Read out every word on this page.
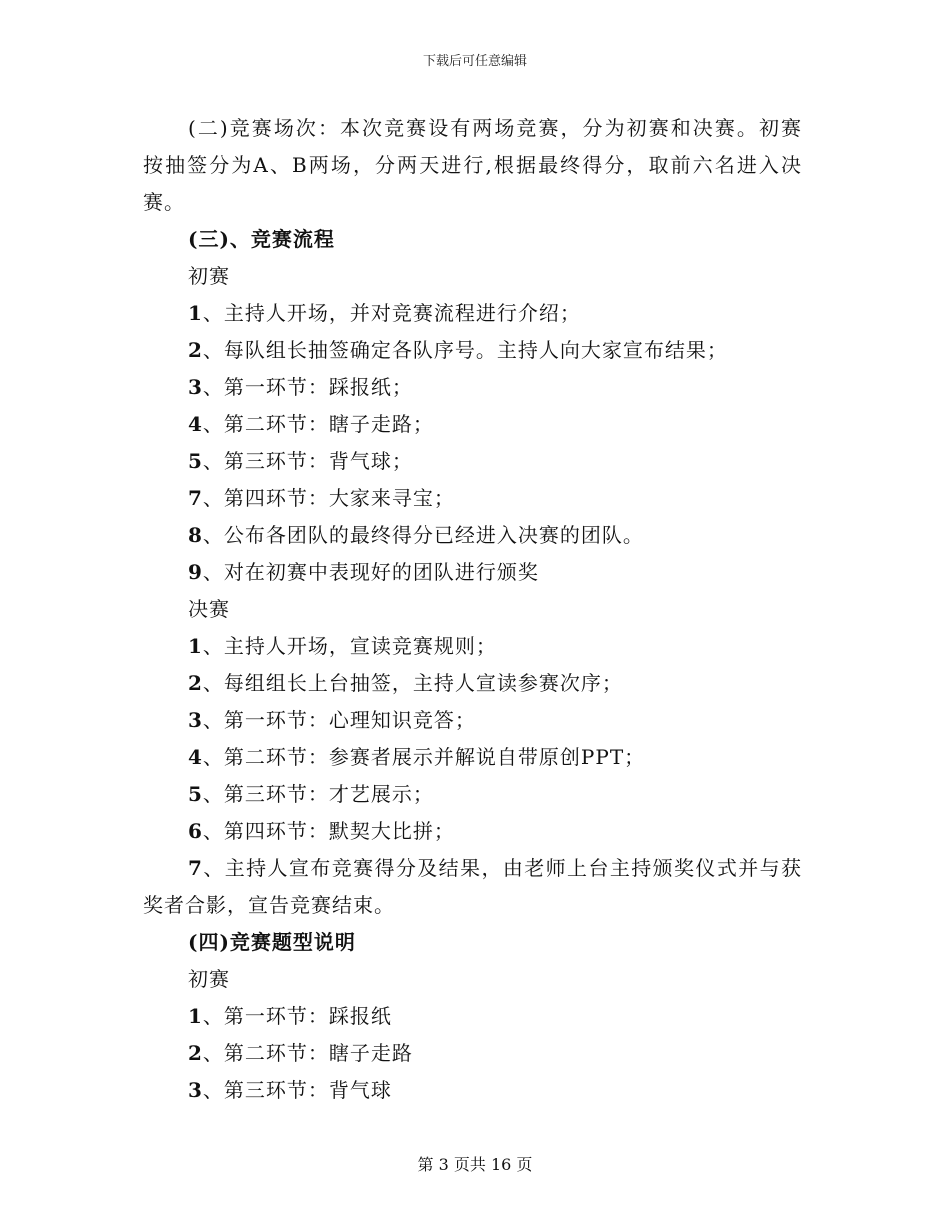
下载后可任意编辑
(二)竞赛场次：本次竞赛设有两场竞赛，分为初赛和决赛。初赛
按抽签分为A、B两场，分两天进行,根据最终得分，取前六名进入决
赛。
(三)、竞赛流程
初赛
1、主持人开场，并对竞赛流程进行介绍；
2、每队组长抽签确定各队序号。主持人向大家宣布结果；
3、第一环节：踩报纸；
4、第二环节：瞎子走路；
5、第三环节：背气球；
7、第四环节：大家来寻宝；
8、公布各团队的最终得分已经进入决赛的团队。
9、对在初赛中表现好的团队进行颁奖
决赛
1、主持人开场，宣读竞赛规则；
2、每组组长上台抽签，主持人宣读参赛次序；
3、第一环节：心理知识竞答；
4、第二环节：参赛者展示并解说自带原创PPT；
5、第三环节：才艺展示；
6、第四环节：默契大比拼；
7、主持人宣布竞赛得分及结果，由老师上台主持颁奖仪式并与获
奖者合影，宣告竞赛结束。
(四)竞赛题型说明
初赛
1、第一环节：踩报纸
2、第二环节：瞎子走路
3、第三环节：背气球
第 3 页共 16 页
